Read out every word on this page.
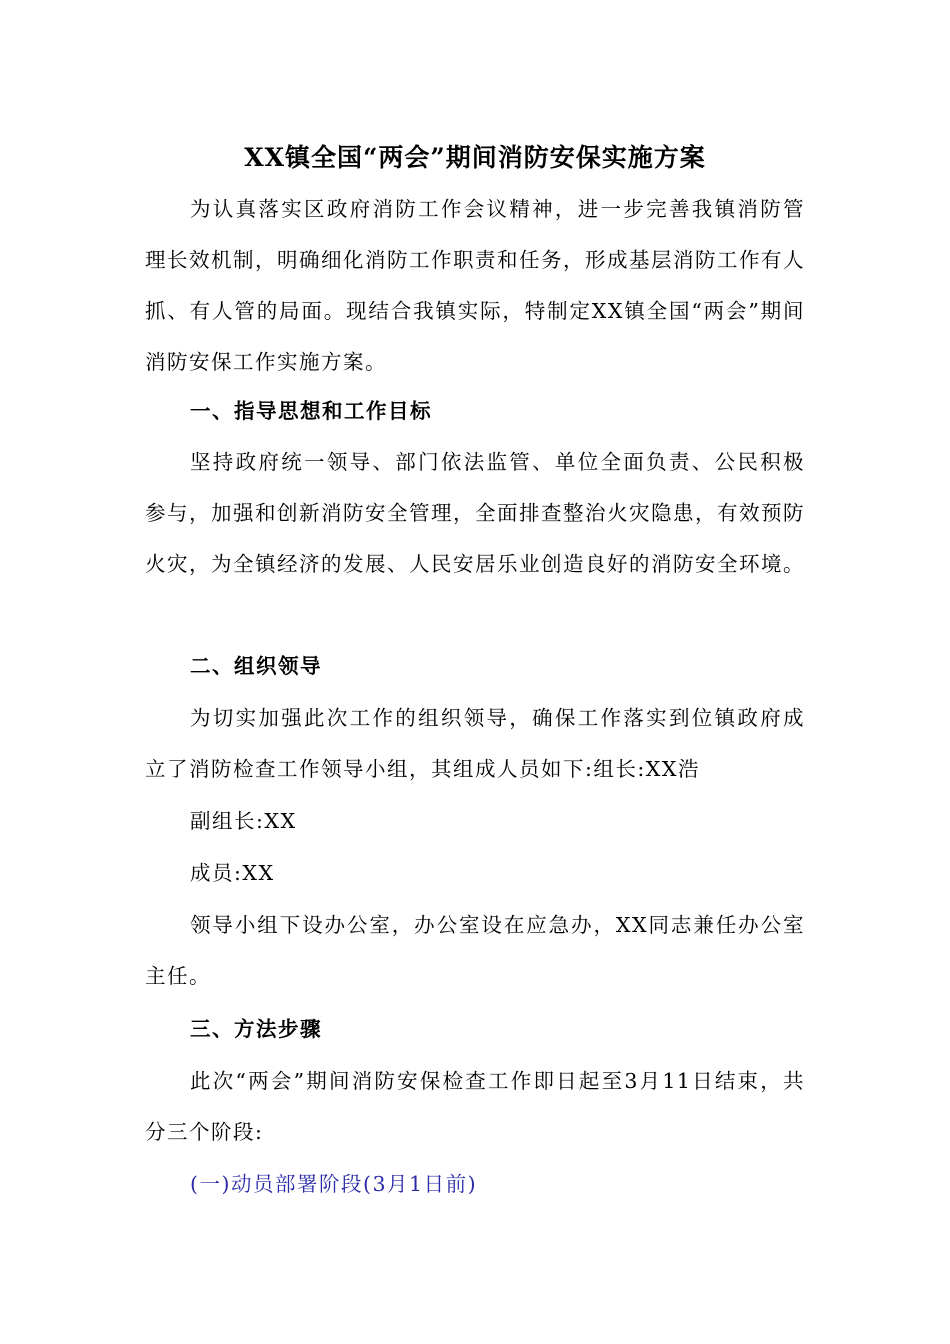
XX镇全国“两会”期间消防安保实施方案
为认真落实区政府消防工作会议精神，进一步完善我镇消防管理长效机制，明确细化消防工作职责和任务，形成基层消防工作有人抓、有人管的局面。现结合我镇实际，特制定XX镇全国“两会”期间消防安保工作实施方案。
一、指导思想和工作目标
坚持政府统一领导、部门依法监管、单位全面负责、公民积极参与，加强和创新消防安全管理，全面排查整治火灾隐患，有效预防火灾，为全镇经济的发展、人民安居乐业创造良好的消防安全环境。
二、组织领导
为切实加强此次工作的组织领导，确保工作落实到位镇政府成立了消防检查工作领导小组，其组成人员如下:组长:XX浩
副组长:XX
成员:XX
领导小组下设办公室，办公室设在应急办，XX同志兼任办公室主任。
三、方法步骤
此次“两会”期间消防安保检查工作即日起至3月11日结束，共分三个阶段:
(一)动员部署阶段(3月1日前)
